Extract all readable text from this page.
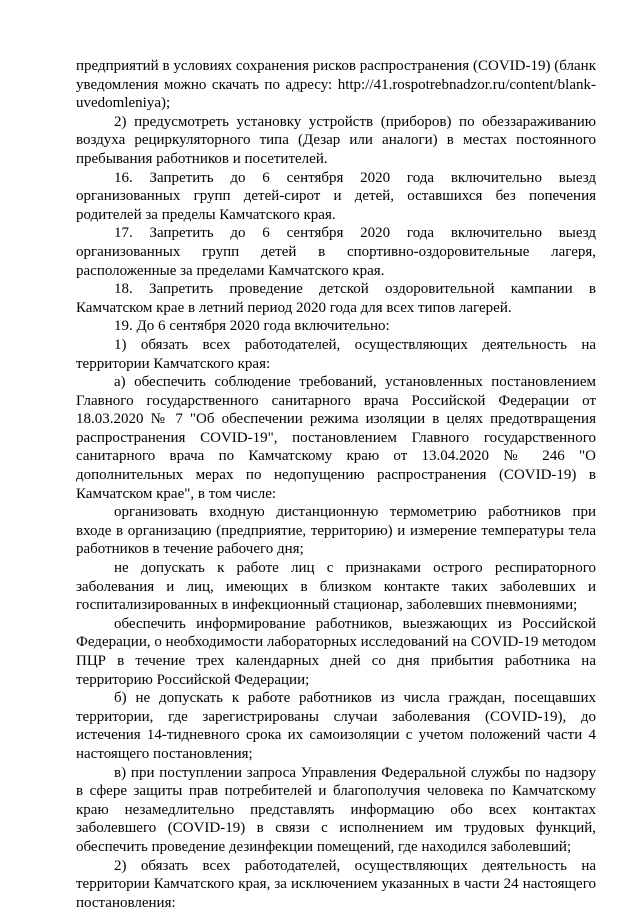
предприятий в условиях сохранения рисков распространения (COVID-19) (бланк уведомления можно скачать по адресу: http://41.rospotrebnadzor.ru/content/blank-uvedomleniya);

2) предусмотреть установку устройств (приборов) по обеззараживанию воздуха рециркуляторного типа (Дезар или аналоги) в местах постоянного пребывания работников и посетителей.

16. Запретить до 6 сентября 2020 года включительно выезд организованных групп детей-сирот и детей, оставшихся без попечения родителей за пределы Камчатского края.

17. Запретить до 6 сентября 2020 года включительно выезд организованных групп детей в спортивно-оздоровительные лагеря, расположенные за пределами Камчатского края.

18. Запретить проведение детской оздоровительной кампании в Камчатском крае в летний период 2020 года для всех типов лагерей.

19. До 6 сентября 2020 года включительно:

1) обязать всех работодателей, осуществляющих деятельность на территории Камчатского края:

а) обеспечить соблюдение требований, установленных постановлением Главного государственного санитарного врача Российской Федерации от 18.03.2020 № 7 "Об обеспечении режима изоляции в целях предотвращения распространения COVID-19", постановлением Главного государственного санитарного врача по Камчатскому краю от 13.04.2020 № 246 "О дополнительных мерах по недопущению распространения (COVID-19) в Камчатском крае", в том числе:

организовать входную дистанционную термометрию работников при входе в организацию (предприятие, территорию) и измерение температуры тела работников в течение рабочего дня;

не допускать к работе лиц с признаками острого респираторного заболевания и лиц, имеющих в близком контакте таких заболевших и госпитализированных в инфекционный стационар, заболевших пневмониями;

обеспечить информирование работников, выезжающих из Российской Федерации, о необходимости лабораторных исследований на COVID-19 методом ПЦР в течение трех календарных дней со дня прибытия работника на территорию Российской Федерации;

б) не допускать к работе работников из числа граждан, посещавших территории, где зарегистрированы случаи заболевания (COVID-19), до истечения 14-тидневного срока их самоизоляции с учетом положений части 4 настоящего постановления;

в) при поступлении запроса Управления Федеральной службы по надзору в сфере защиты прав потребителей и благополучия человека по Камчатскому краю незамедлительно представлять информацию обо всех контактах заболевшего (COVID-19) в связи с исполнением им трудовых функций, обеспечить проведение дезинфекции помещений, где находился заболевший;

2) обязать всех работодателей, осуществляющих деятельность на территории Камчатского края, за исключением указанных в части 24 настоящего постановления:
